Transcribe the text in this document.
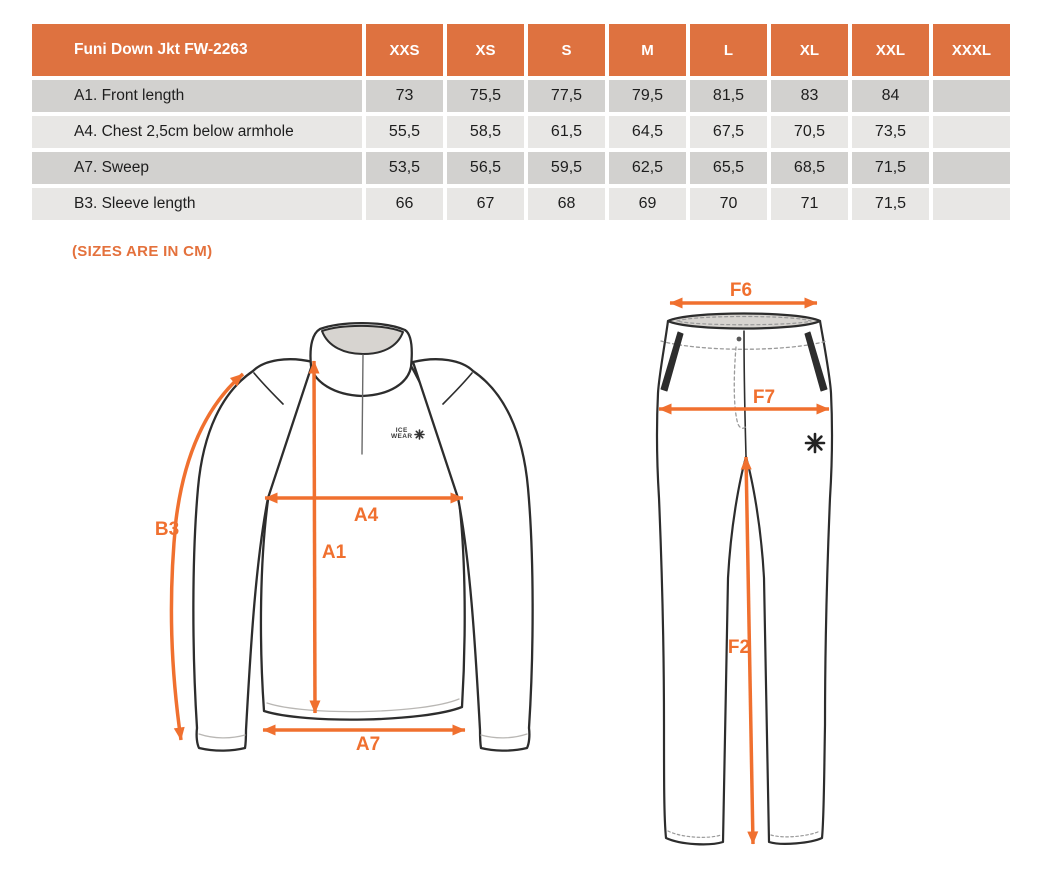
Funi Down Jkt FW-2263	XXS	XS	S	M	L	XL	XXL	XXXL
A1. Front length	73	75,5	77,5	79,5	81,5	83	84
A4. Chest 2,5cm below armhole	55,5	58,5	61,5	64,5	67,5	70,5	73,5
A7. Sweep	53,5	56,5	59,5	62,5	65,5	68,5	71,5
B3. Sleeve length	66	67	68	69	70	71	71,5
(SIZES ARE IN CM)
B3
A4
A1
A7
F6
F7
F2
ICE
WEAR
